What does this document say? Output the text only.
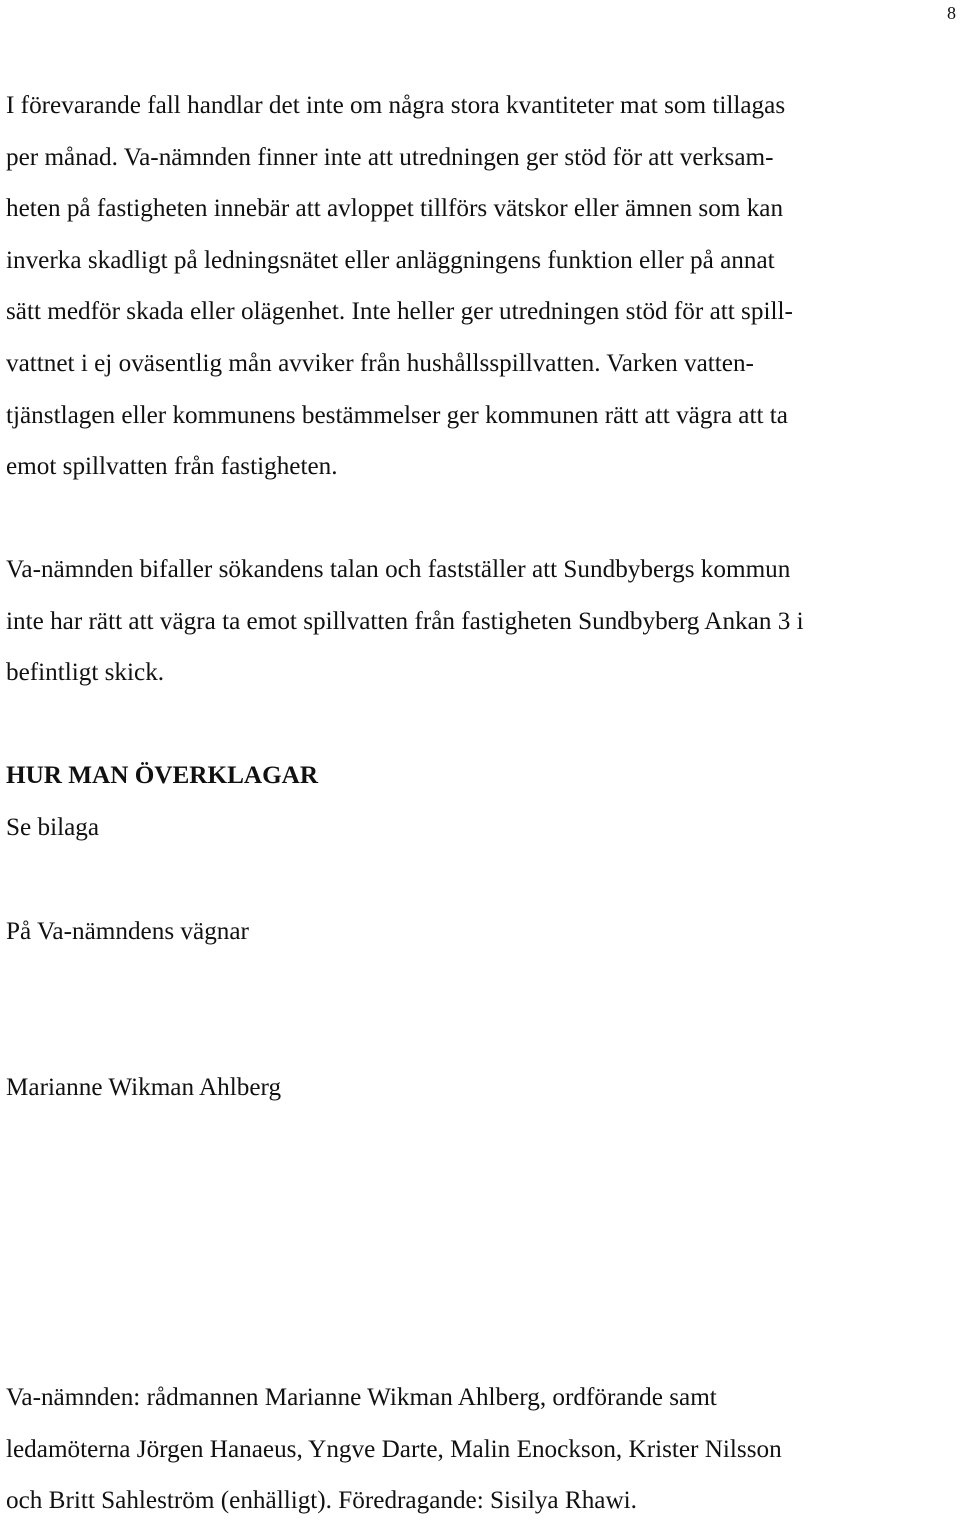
8
I förevarande fall handlar det inte om några stora kvantiteter mat som tillagas
per månad. Va-nämnden finner inte att utredningen ger stöd för att verksam-
heten på fastigheten innebär att avloppet tillförs vätskor eller ämnen som kan
inverka skadligt på ledningsnätet eller anläggningens funktion eller på annat
sätt medför skada eller olägenhet. Inte heller ger utredningen stöd för att spill-
vattnet i ej oväsentlig mån avviker från hushållsspillvatten. Varken vatten-
tjänstlagen eller kommunens bestämmelser ger kommunen rätt att vägra att ta
emot spillvatten från fastigheten.
Va-nämnden bifaller sökandens talan och fastställer att Sundbybergs kommun
inte har rätt att vägra ta emot spillvatten från fastigheten Sundbyberg Ankan 3 i
befintligt skick.
HUR MAN ÖVERKLAGAR
Se bilaga
På Va-nämndens vägnar
Marianne Wikman Ahlberg
Va-nämnden: rådmannen Marianne Wikman Ahlberg, ordförande samt
ledamöterna Jörgen Hanaeus, Yngve Darte, Malin Enockson, Krister Nilsson
och Britt Sahleström (enhälligt). Föredragande: Sisilya Rhawi.
